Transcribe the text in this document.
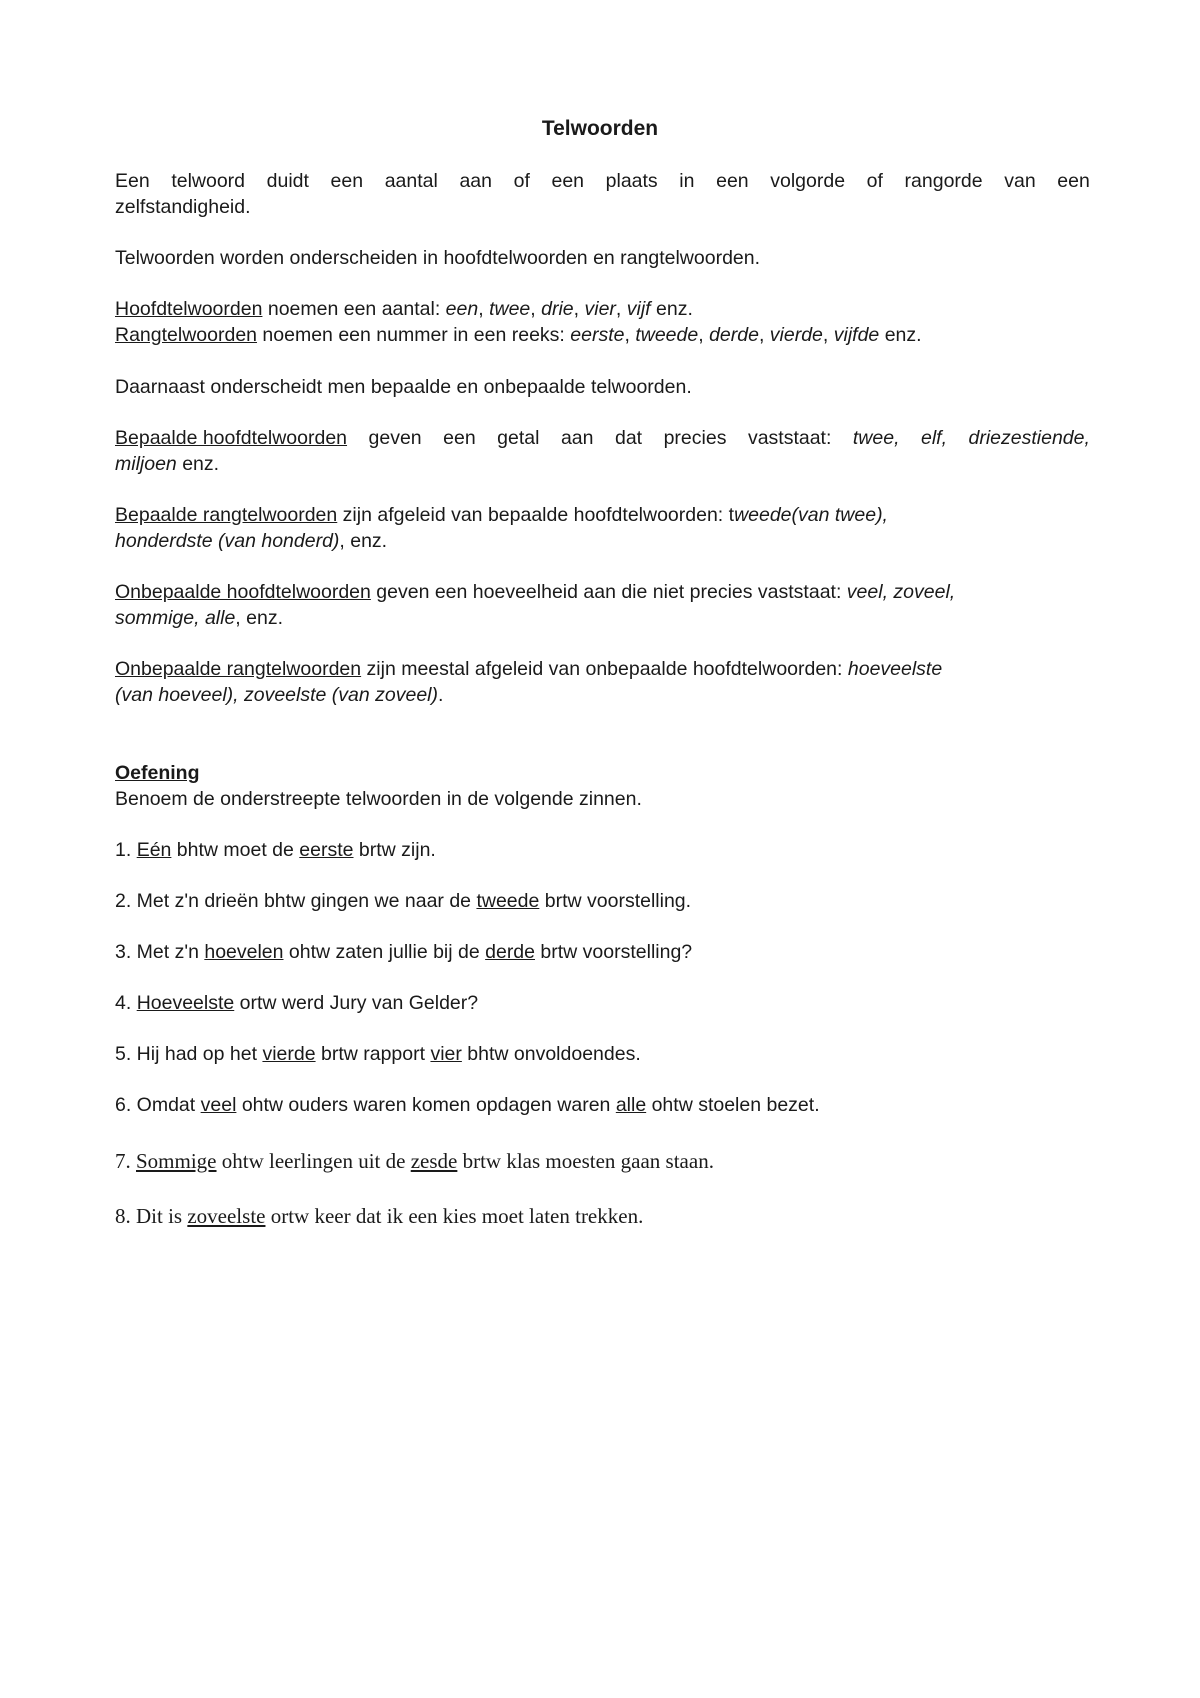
Telwoorden
Een telwoord duidt een aantal aan of een plaats in een volgorde of rangorde van een
zelfstandigheid.
Telwoorden worden onderscheiden in hoofdtelwoorden en rangtelwoorden.
Hoofdtelwoorden noemen een aantal: een, twee, drie, vier, vijf enz.
Rangtelwoorden noemen een nummer in een reeks: eerste, tweede, derde, vierde, vijfde enz.
Daarnaast onderscheidt men bepaalde en onbepaalde telwoorden.
Bepaalde hoofdtelwoorden geven een getal aan dat precies vaststaat: twee, elf, driezestiende,
miljoen enz.
Bepaalde rangtelwoorden zijn afgeleid van bepaalde hoofdtelwoorden: tweede(van twee),
honderdste (van honderd), enz.
Onbepaalde hoofdtelwoorden geven een hoeveelheid aan die niet precies vaststaat: veel, zoveel,
sommige, alle, enz.
Onbepaalde rangtelwoorden zijn meestal afgeleid van onbepaalde hoofdtelwoorden: hoeveelste
(van hoeveel), zoveelste (van zoveel).
Oefening
Benoem de onderstreepte telwoorden in de volgende zinnen.
1. Eén bhtw moet de eerste brtw zijn.
2. Met z'n drieën bhtw gingen we naar de tweede brtw voorstelling.
3. Met z'n hoevelen ohtw zaten jullie bij de derde brtw voorstelling?
4. Hoeveelste ortw werd Jury van Gelder?
5. Hij had op het vierde brtw rapport vier bhtw onvoldoendes.
6. Omdat veel ohtw ouders waren komen opdagen waren alle ohtw stoelen bezet.
7. Sommige ohtw leerlingen uit de zesde brtw klas moesten gaan staan.
8. Dit is zoveelste ortw keer dat ik een kies moet laten trekken.
